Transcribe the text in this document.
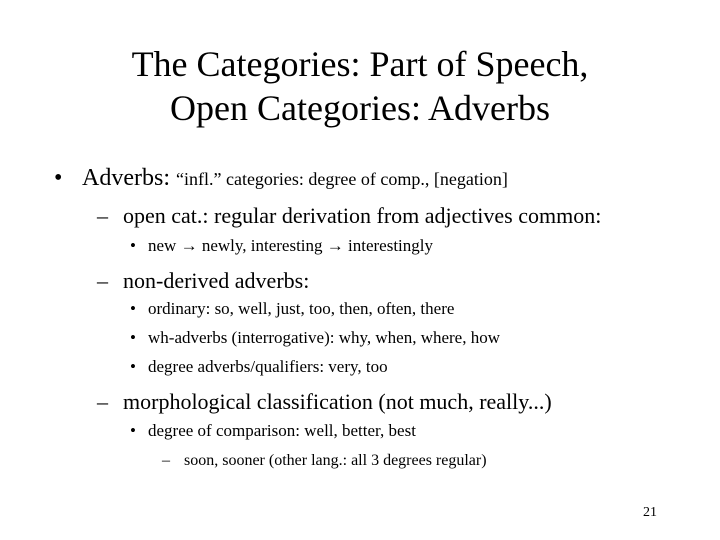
The Categories: Part of Speech,
Open Categories: Adverbs
• Adverbs: “infl.” categories: degree of comp., [negation]
– open cat.: regular derivation from adjectives common:
• new → newly, interesting → interestingly
– non-derived adverbs:
• ordinary: so, well, just, too, then, often, there
• wh-adverbs (interrogative): why, when, where, how
• degree adverbs/qualifiers: very, too
– morphological classification (not much, really...)
• degree of comparison: well, better, best
– soon, sooner (other lang.: all 3 degrees regular)
21
